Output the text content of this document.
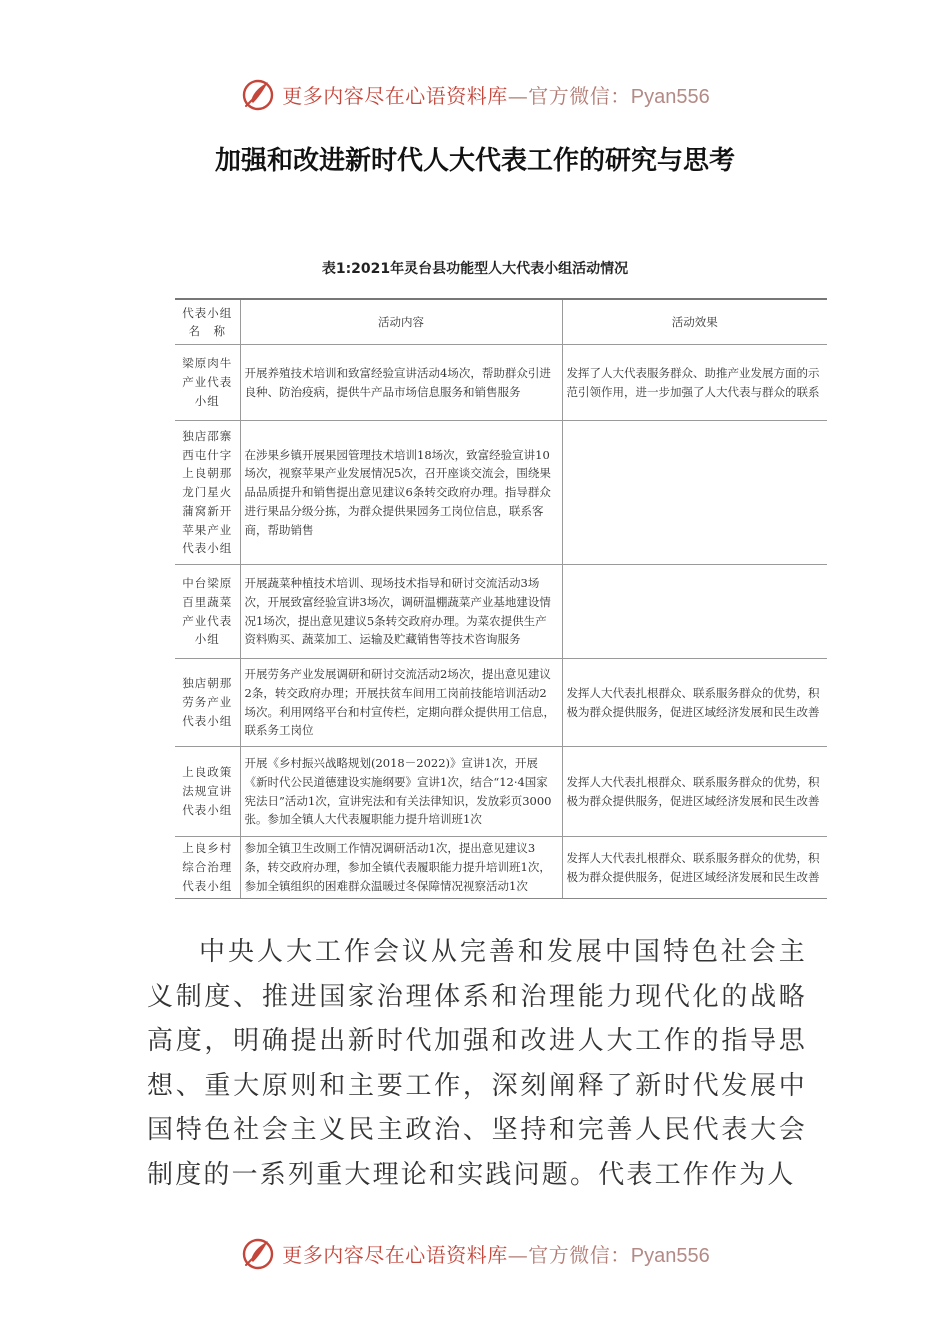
更多内容尽在心语资料库—官方微信：Pyan556
加强和改进新时代人大代表工作的研究与思考
表1:2021年灵台县功能型人大代表小组活动情况
代表小组名　称	活动内容	活动效果
梁原肉牛产业代表小组	开展养殖技术培训和致富经验宣讲活动4场次，帮助群众引进良种、防治疫病，提供牛产品市场信息服务和销售服务	发挥了人大代表服务群众、助推产业发展方面的示范引领作用，进一步加强了人大代表与群众的联系
独店邵寨西屯什字上良朝那龙门星火蒲窝新开苹果产业代表小组	在涉果乡镇开展果园管理技术培训18场次，致富经验宣讲10场次，视察苹果产业发展情况5次，召开座谈交流会，围绕果品品质提升和销售提出意见建议6条转交政府办理。指导群众进行果品分级分拣，为群众提供果园务工岗位信息，联系客商，帮助销售	
中台梁原百里蔬菜产业代表小组	开展蔬菜种植技术培训、现场技术指导和研讨交流活动3场次，开展致富经验宣讲3场次，调研温棚蔬菜产业基地建设情况1场次，提出意见建议5条转交政府办理。为菜农提供生产资料购买、蔬菜加工、运输及贮藏销售等技术咨询服务	
独店朝那劳务产业代表小组	开展劳务产业发展调研和研讨交流活动2场次，提出意见建议2条，转交政府办理；开展扶贫车间用工岗前技能培训活动2场次。利用网络平台和村宣传栏，定期向群众提供用工信息，联系务工岗位	发挥人大代表扎根群众、联系服务群众的优势，积极为群众提供服务，促进区域经济发展和民生改善
上良政策法规宣讲代表小组	开展《乡村振兴战略规划(2018－2022)》宣讲1次，开展《新时代公民道德建设实施纲要》宣讲1次，结合“12·4国家宪法日”活动1次，宣讲宪法和有关法律知识，发放彩页3000张。参加全镇人大代表履职能力提升培训班1次	发挥人大代表扎根群众、联系服务群众的优势，积极为群众提供服务，促进区域经济发展和民生改善
上良乡村综合治理代表小组	参加全镇卫生改厕工作情况调研活动1次，提出意见建议3条，转交政府办理，参加全镇代表履职能力提升培训班1次，参加全镇组织的困难群众温暖过冬保障情况视察活动1次	发挥人大代表扎根群众、联系服务群众的优势，积极为群众提供服务，促进区域经济发展和民生改善

中央人大工作会议从完善和发展中国特色社会主义制度、推进国家治理体系和治理能力现代化的战略高度，明确提出新时代加强和改进人大工作的指导思想、重大原则和主要工作，深刻阐释了新时代发展中国特色社会主义民主政治、坚持和完善人民代表大会制度的一系列重大理论和实践问题。代表工作作为人

更多内容尽在心语资料库—官方微信：Pyan556
